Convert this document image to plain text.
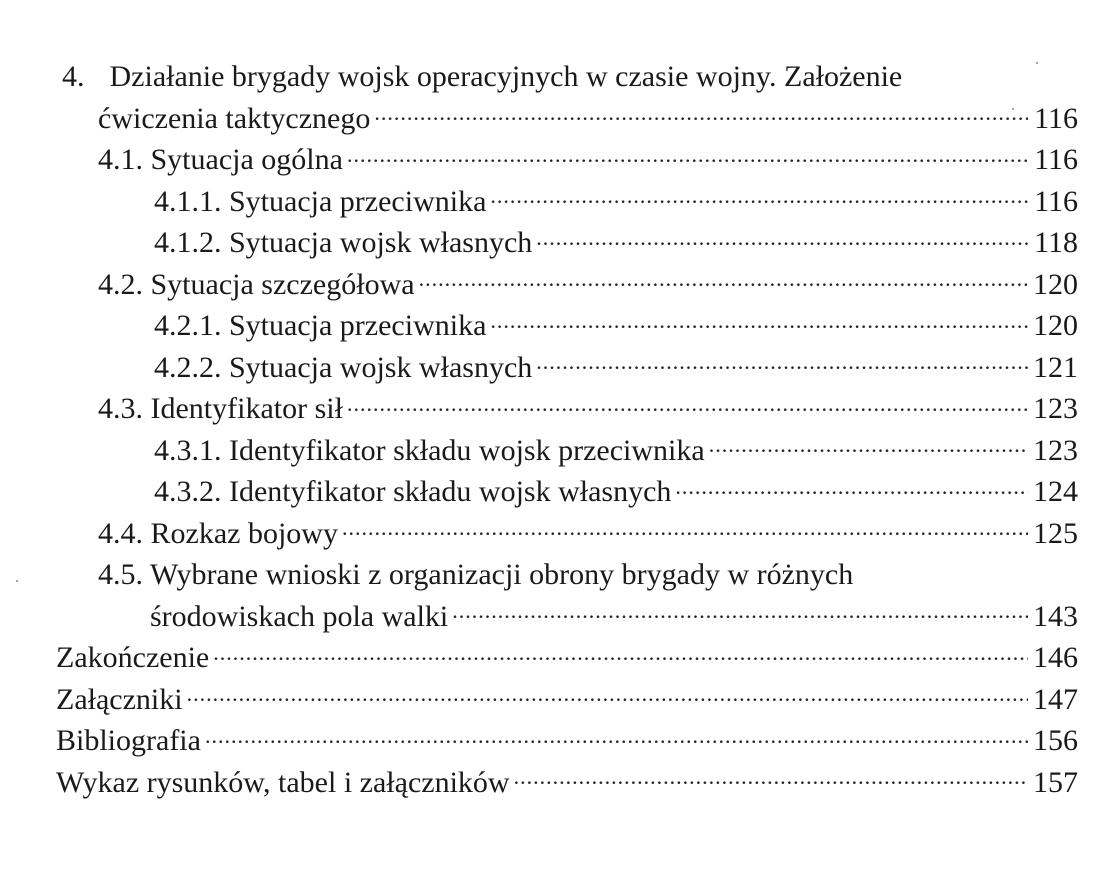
4. Działanie brygady wojsk operacyjnych w czasie wojny. Założenie
ćwiczenia taktycznego .....	116
4.1. Sytuacja ogólna .....	116
4.1.1. Sytuacja przeciwnika .....	116
4.1.2. Sytuacja wojsk własnych .....	118
4.2. Sytuacja szczegółowa .....	120
4.2.1. Sytuacja przeciwnika .....	120
4.2.2. Sytuacja wojsk własnych .....	121
4.3. Identyfikator sił .....	123
4.3.1. Identyfikator składu wojsk przeciwnika .....	123
4.3.2. Identyfikator składu wojsk własnych .....	124
4.4. Rozkaz bojowy .....	125
4.5. Wybrane wnioski z organizacji obrony brygady w różnych
środowiskach pola walki .....	143
Zakończenie .....	146
Załączniki .....	147
Bibliografia .....	156
Wykaz rysunków, tabel i załączników .....	157
